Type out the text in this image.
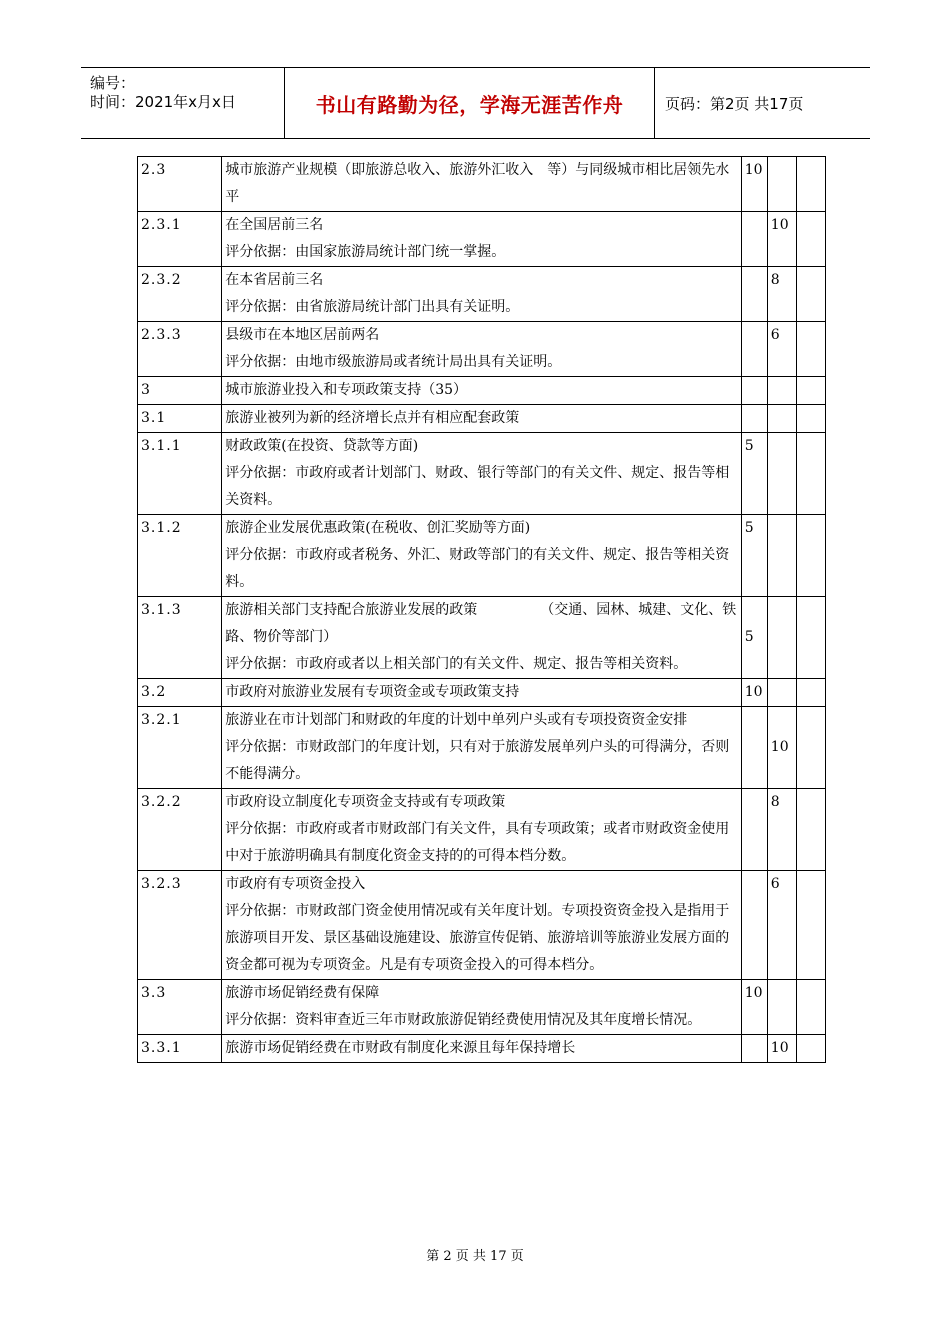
编号：
时间：2021年x月x日	书山有路勤为径，学海无涯苦作舟	页码：第2页 共17页
2.3	城市旅游产业规模（即旅游总收入、旅游外汇收入　等）与同级城市相比居领先水平	10		
2.3.1	在全国居前三名
评分依据：由国家旅游局统计部门统一掌握。		10	
2.3.2	在本省居前三名
评分依据：由省旅游局统计部门出具有关证明。		8	
2.3.3	县级市在本地区居前两名
评分依据：由地市级旅游局或者统计局出具有关证明。		6	
3	城市旅游业投入和专项政策支持（35）			

3.1	旅游业被列为新的经济增长点并有相应配套政策			

3.1.1	财政政策(在投资、贷款等方面)
评分依据：市政府或者计划部门、财政、银行等部门的有关文件、规定、报告等相关资料。	5		
3.1.2	旅游企业发展优惠政策(在税收、创汇奖励等方面)
评分依据：市政府或者税务、外汇、财政等部门的有关文件、规定、报告等相关资料。	5		
3.1.3	旅游相关部门支持配合旅游业发展的政策　　　　　（交通、园林、城建、文化、铁路、物价等部门）
评分依据：市政府或者以上相关部门的有关文件、规定、报告等相关资料。	5		
3.2	市政府对旅游业发展有专项资金或专项政策支持	10		
3.2.1	旅游业在市计划部门和财政的年度的计划中单列户头或有专项投资资金安排
评分依据：市财政部门的年度计划，只有对于旅游发展单列户头的可得满分，否则不能得满分。		10	
3.2.2	市政府设立制度化专项资金支持或有专项政策
评分依据：市政府或者市财政部门有关文件，具有专项政策；或者市财政资金使用中对于旅游明确具有制度化资金支持的的可得本档分数。		8	
3.2.3	市政府有专项资金投入
评分依据：市财政部门资金使用情况或有关年度计划。专项投资资金投入是指用于旅游项目开发、景区基础设施建设、旅游宣传促销、旅游培训等旅游业发展方面的资金都可视为专项资金。凡是有专项资金投入的可得本档分。		6	
3.3	旅游市场促销经费有保障
评分依据：资料审查近三年市财政旅游促销经费使用情况及其年度增长情况。	10		
3.3.1	旅游市场促销经费在市财政有制度化来源且每年保持增长		10	
第 2 页 共 17 页
